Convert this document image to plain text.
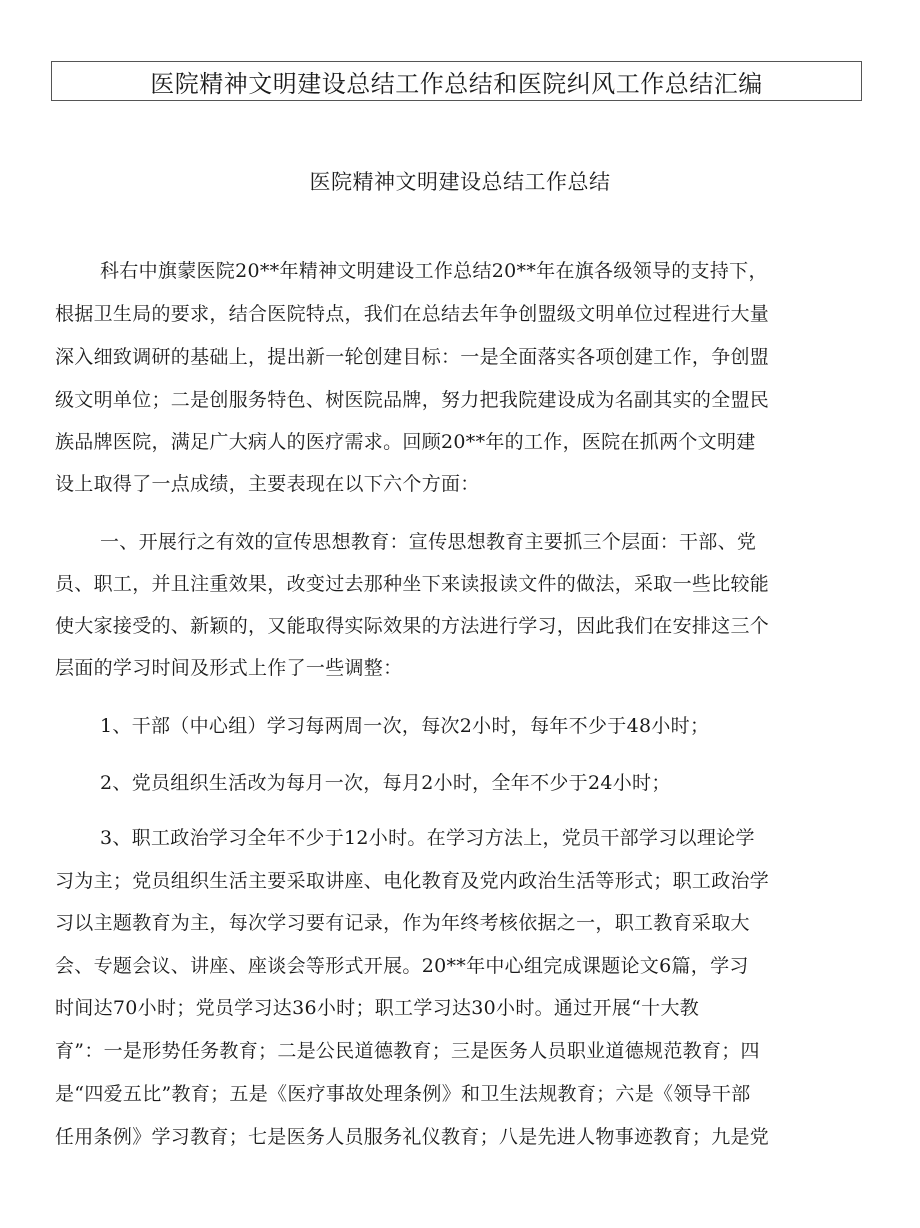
医院精神文明建设总结工作总结和医院纠风工作总结汇编
医院精神文明建设总结工作总结
科右中旗蒙医院20**年精神文明建设工作总结20**年在旗各级领导的支持下，
根据卫生局的要求，结合医院特点，我们在总结去年争创盟级文明单位过程进行大量
深入细致调研的基础上，提出新一轮创建目标：一是全面落实各项创建工作，争创盟
级文明单位；二是创服务特色、树医院品牌，努力把我院建设成为名副其实的全盟民
族品牌医院，满足广大病人的医疗需求。回顾20**年的工作，医院在抓两个文明建
设上取得了一点成绩，主要表现在以下六个方面：
一、开展行之有效的宣传思想教育：宣传思想教育主要抓三个层面：干部、党
员、职工，并且注重效果，改变过去那种坐下来读报读文件的做法，采取一些比较能
使大家接受的、新颖的，又能取得实际效果的方法进行学习，因此我们在安排这三个
层面的学习时间及形式上作了一些调整：
1、干部（中心组）学习每两周一次，每次2小时，每年不少于48小时；
2、党员组织生活改为每月一次，每月2小时，全年不少于24小时；
3、职工政治学习全年不少于12小时。在学习方法上，党员干部学习以理论学
习为主；党员组织生活主要采取讲座、电化教育及党内政治生活等形式；职工政治学
习以主题教育为主，每次学习要有记录，作为年终考核依据之一，职工教育采取大
会、专题会议、讲座、座谈会等形式开展。20**年中心组完成课题论文6篇，学习
时间达70小时；党员学习达36小时；职工学习达30小时。通过开展“十大教
育”：一是形势任务教育；二是公民道德教育；三是医务人员职业道德规范教育；四
是“四爱五比”教育；五是《医疗事故处理条例》和卫生法规教育；六是《领导干部
任用条例》学习教育；七是医务人员服务礼仪教育；八是先进人物事迹教育；九是党
